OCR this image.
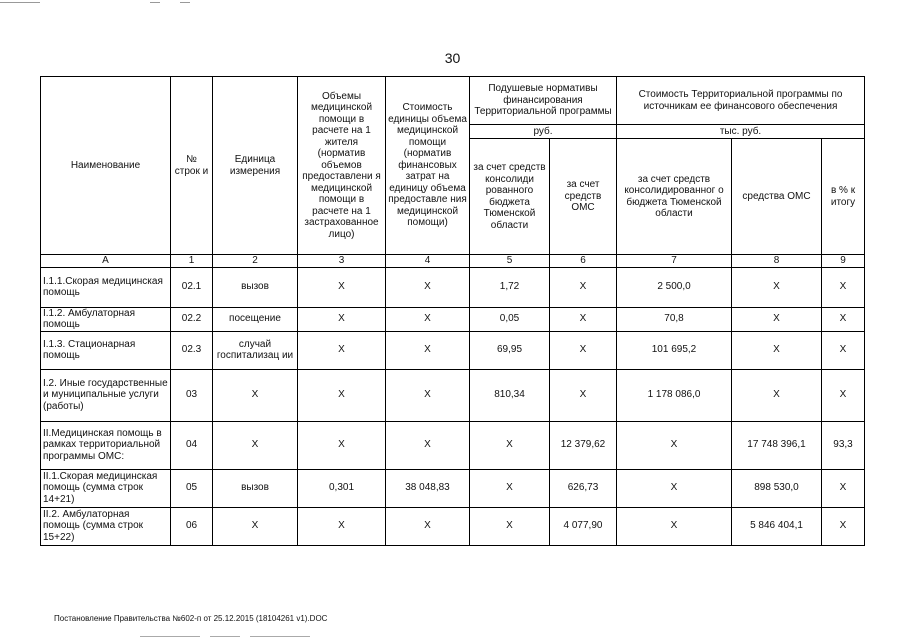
30
Наименование	№ строк и	Единица измерения	Объемы медицинской помощи в расчете на 1 жителя (норматив объемов предоставлени я медицинской помощи в расчете на 1 застрахованное лицо)	Стоимость единицы объема медицинской помощи (норматив финансовых затрат на единицу объема предоставле ния медицинской помощи)	Подушевые нормативы финансирования Территориальной программы		Стоимость Территориальной программы по источникам ее финансового обеспечения		
					руб.		тыс. руб.		
					за счет средств консолиди рованного бюджета Тюменской области	за счет средств ОМС	за счет средств консолидированног о бюджета Тюменской области	средства ОМС	в % к итогу
А	1	2	3	4	5	6	7	8	9
I.1.1.Скорая медицинская помощь	02.1	вызов	Х	Х	1,72	Х	2 500,0	Х	Х
I.1.2. Амбулаторная помощь	02.2	посещение	Х	Х	0,05	Х	70,8	Х	Х
I.1.3. Стационарная помощь	02.3	случай госпитализац ии	Х	Х	69,95	Х	101 695,2	Х	Х
I.2. Иные государственные и муниципальные услуги (работы)	03	Х	Х	Х	810,34	Х	1 178 086,0	Х	Х
II.Медицинская помощь в рамках территориальной программы ОМС:	04	Х	Х	Х	Х	12 379,62	Х	17 748 396,1	93,3
II.1.Скорая медицинская помощь (сумма строк 14+21)	05	вызов	0,301	38 048,83	Х	626,73	Х	898 530,0	Х
II.2. Амбулаторная помощь (сумма строк 15+22)	06	Х	Х	Х	Х	4 077,90	Х	5 846 404,1	Х
Постановление Правительства №602-п от 25.12.2015 (18104261 v1).DOC
